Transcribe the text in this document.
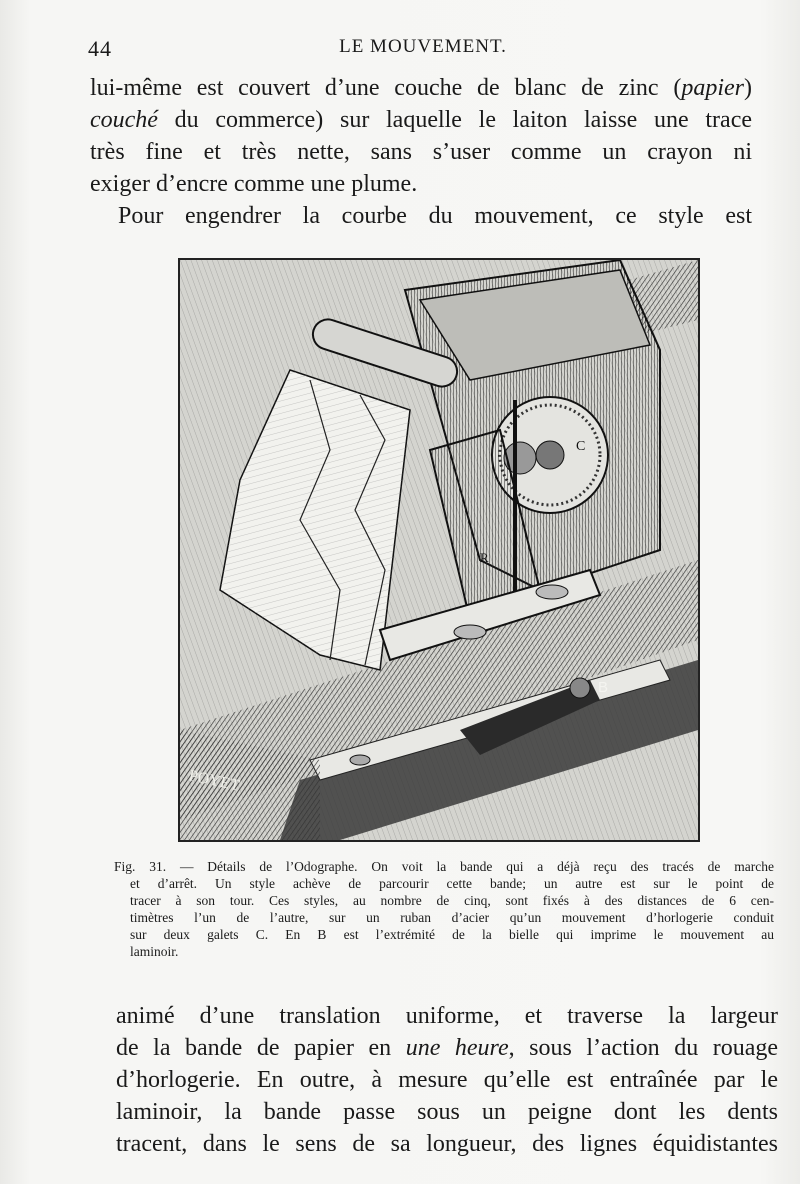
44	LE MOUVEMENT.
lui-même est couvert d’une couche de blanc de zinc (papier)
couché du commerce) sur laquelle le laiton laisse une trace
très fine et très nette, sans s’user comme un crayon ni
exiger d’encre comme une plume.
Pour engendrer la courbe du mouvement, ce style est
C
R
B
POYET
Fig. 31. — Détails de l’Odographe. On voit la bande qui a déjà reçu des tracés de marche
et d’arrêt. Un style achève de parcourir cette bande; un autre est sur le point de
tracer à son tour. Ces styles, au nombre de cinq, sont fixés à des distances de 6 cen-
timètres l’un de l’autre, sur un ruban d’acier qu’un mouvement d’horlogerie conduit
sur deux galets C. En B est l’extrémité de la bielle qui imprime le mouvement au
laminoir.
animé d’une translation uniforme, et traverse la largeur
de la bande de papier en une heure, sous l’action du rouage
d’horlogerie. En outre, à mesure qu’elle est entraînée par le
laminoir, la bande passe sous un peigne dont les dents
tracent, dans le sens de sa longueur, des lignes équidistantes
